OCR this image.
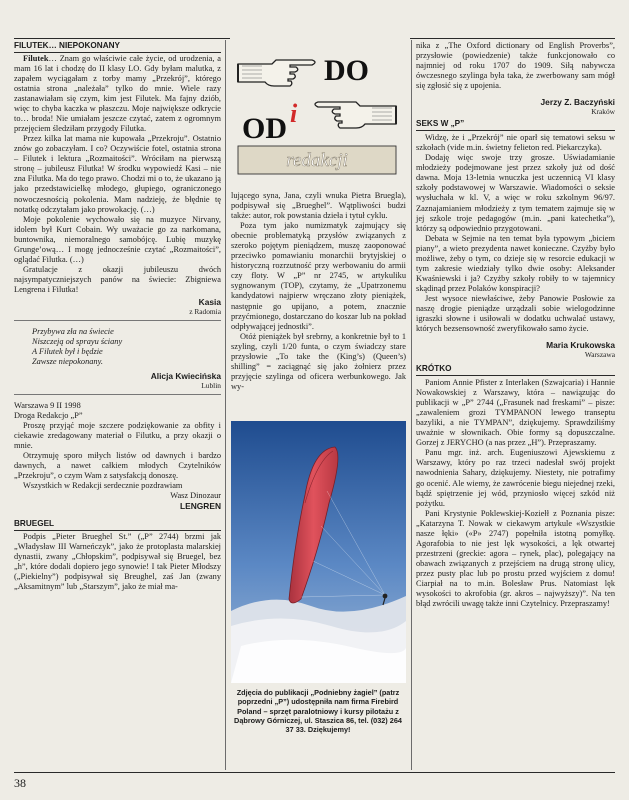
FILUTEK… NIEPOKONANY

Filutek… Znam go właściwie całe życie, od urodzenia, a mam 16 lat i chodzę do II klasy LO. Gdy byłam malutka, z zapałem wyciągałam z torby mamy „Przekrój”, którego ostatnia strona „należała” tylko do mnie. Wiele razy zastanawiałam się czym, kim jest Filutek. Ma fajny dziób, więc to chyba kaczka w płaszczu. Moje największe odkrycie to… broda! Nie umiałam jeszcze czytać, zatem z ogromnym przejęciem śledziłam przygody Filutka.

Przez kilka lat mama nie kupowała „Przekroju”. Ostatnio znów go zobaczyłam. I co? Oczywiście fotel, ostatnia strona – Filutek i lektura „Rozmaitości”. Wróciłam na pierwszą stronę – jubileusz Filutka! W środku wypowiedź Kasi – nie zna Filutka. Ma do tego prawo. Chodzi mi o to, że ukazano ją jako przedstawicielkę młodego, głupiego, ograniczonego nowoczesnością pokolenia. Mam nadzieję, że błędnie tę notatkę odczytałam jako prowokację. (…)

Moje pokolenie wychowało się na muzyce Nirvany, idolem był Kurt Cobain. Wy uważacie go za narkomana, buntownika, niemoralnego samobójcę. Lubię muzykę Grunge’ową… I mogę jednocześnie czytać „Rozmaitości”, oglądać Filutka. (…)

Gratulacje z okazji jubileuszu dwóch najsympatyczniejszych panów na świecie: Zbigniewa Lengrena i Filutka!

Kasia

z Radomia

Przybywa zła na świecie

Niszczeją od sprayu ściany

A Filutek był i będzie

Zawsze niepokonany.

Alicja Kwiecińska

Lublin

Warszawa 9 II 1998

Droga Redakcjo „P”

Proszę przyjąć moje szczere podziękowanie za obfity i ciekawie zredagowany materiał o Filutku, a przy okazji o mnie.

Otrzymuję sporo miłych listów od dawnych i bardzo dawnych, a nawet całkiem młodych Czytelników „Przekroju”, o czym Wam z satysfakcją donoszę.

Wszystkich w Redakcji serdecznie pozdrawiam

Wasz Dinozaur

LENGREN

BRUEGEL

Podpis „Pieter Brueghel St.” („P” 2744) brzmi jak „Władysław III Warneńczyk”, jako że protoplasta malarskiej dynastii, zwany „Chłopskim”, podpisywał się Bruegel, bez „h”, które dodali dopiero jego synowie! I tak Pieter Młodszy („Piekielny”) podpisywał się Breughel, zaś Jan (zwany „Aksamitnym” lub „Starszym”, jako że miał ma-

DO
OD i
redakcji

lującego syna, Jana, czyli wnuka Pietra Bruegla), podpisywał się „Brueghel”. Wątpliwości budzi także: autor, rok powstania dzieła i tytuł cyklu.

Poza tym jako numizmatyk zajmujący się obecnie problematyką przysłów związanych z szeroko pojętym pieniądzem, muszę zaoponować przeciwko pomawianiu monarchii brytyjskiej o historyczną rozrzutność przy werbowaniu do armii czy floty. W „P” nr 2745, w artykuliku sygnowanym (TOP), czytamy, że „Upatrzonemu kandydatowi najpierw wręczano złoty pieniążek, następnie go upijano, a potem, znacznie przyćmionego, dostarczano do koszar lub na pokład odpływającej jednostki”.

Otóż pieniążek był srebrny, a konkretnie był to 1 szyling, czyli 1/20 funta, o czym świadczy stare przysłowie „To take the (King’s) (Queen’s) shilling” = zaciągnąć się jako żołnierz przez przyjęcie szylinga od oficera werbunkowego. Jak wy-

Zdjęcia do publikacji „Podniebny żagiel” (patrz poprzedni „P”) udostępniła nam firma Firebird Poland – sprzęt paralotniowy i kursy pilotażu z Dąbrowy Górniczej, ul. Staszica 86, tel. (032) 264 37 33. Dziękujemy!

nika z „The Oxford dictionary od English Proverbs”, przysłowie (powiedzenie) także funkcjonowało co najmniej od roku 1707 do 1909. Siłą nabywcza ówczesnego szylinga była taka, że zwerbowany sam mógł się zgłosić się z upojenia.

Jerzy Z. Baczyński

Kraków

SEKS W „P”

Widzę, że i „Przekrój” nie oparł się tematowi seksu w szkołach (vide m.in. świetny felieton red. Piekarczyka).

Dodaję więc swoje trzy grosze. Uświadamianie młodzieży podejmowane jest przez szkoły już od dość dawna. Moja 13-letnia wnuczka jest uczennicą VI klasy szkoły podstawowej w Warszawie. Wiadomości o seksie wysłuchała w kl. V, a więc w roku szkolnym 96/97. Zaznajamianiem młodzieży z tym tematem zajmuje się w jej szkole troje pedagogów (m.in. „pani katechetka”), którzy są odpowiednio przygotowani.

Debata w Sejmie na ten temat była typowym „biciem piany”, a wieto prezydenta nawet konieczne. Czyżby było możliwe, żeby o tym, co dzieje się w resorcie edukacji w tym zakresie wiedziały tylko dwie osoby: Aleksander Kwaśniewski i ja? Czyżby szkoły robiły to w tajemnicy skądinąd przez Polaków konspiracji?

Jest wysoce niewłaściwe, żeby Panowie Posłowie za naszę drogie pieniądze urządzali sobie wielogodzinne igraszki słowne i usiłowali w dodatku uchwalać ustawy, których bezsensowność zweryfikowało samo życie.

Maria Krukowska

Warszawa

KRÓTKO

Paniom Annie Pfister z Interlaken (Szwajcaria) i Hannie Nowakowskiej z Warszawy, która – nawiązując do publikacji w „P” 2744 („Frasunek nad freskami” – pisze: „zawaleniem grozi TYMPANON lewego transeptu bazyliki, a nie TYMPAN”, dziękujemy. Sprawdziliśmy uważnie w słownikach. Obie formy są dopuszczalne. Gorzej z JERYCHO (a nas przez „H”). Przepraszamy.

Panu mgr. inż. arch. Eugeniuszowi Ajewskiemu z Warszawy, który po raz trzeci nadesłał swój projekt nawodnienia Sahary, dziękujemy. Niestety, nie potrafimy go ocenić. Ale wiemy, że zawrócenie biegu niejednej rzeki, bądź spiętrzenie jej wód, przyniosło więcej szkód niż pożytku.

Pani Krystynie Poklewskiej-Koziełł z Poznania pisze: „Katarzyna T. Nowak w ciekawym artykule «Wszystkie nasze łęki» («P» 2747) popełniła istotną pomyłkę. Agorafobia to nie jest lęk wysokości, a lęk otwartej przestrzeni (greckie: agora – rynek, plac), polegający na obawach związanych z przejściem na drugą stronę ulicy, przez pusty plac lub po prostu przed wyjściem z domu! Ciarpiał na to m.in. Bolesław Prus. Natomiast lęk wysokości to akrofobia (gr. akros – najwyższy)”. Na ten błąd zwrócili uwagę także inni Czytelnicy. Przepraszamy!

38
